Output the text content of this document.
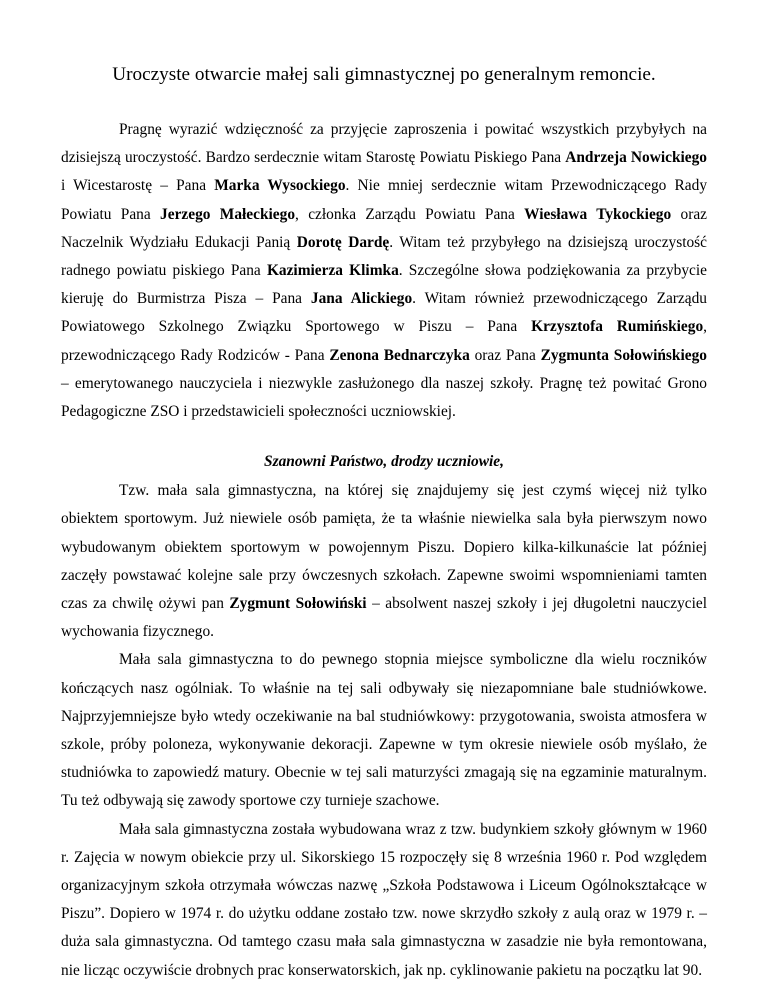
Uroczyste otwarcie małej sali gimnastycznej po generalnym remoncie.

Pragnę wyrazić wdzięczność za przyjęcie zaproszenia i powitać wszystkich przybyłych na dzisiejszą uroczystość. Bardzo serdecznie witam Starostę Powiatu Piskiego Pana Andrzeja Nowickiego i Wicestarostę – Pana Marka Wysockiego. Nie mniej serdecznie witam Przewodniczącego Rady Powiatu Pana Jerzego Małeckiego, członka Zarządu Powiatu Pana Wiesława Tykockiego oraz Naczelnik Wydziału Edukacji Panią Dorotę Dardę. Witam też przybyłego na dzisiejszą uroczystość radnego powiatu piskiego Pana Kazimierza Klimka. Szczególne słowa podziękowania za przybycie kieruję do Burmistrza Pisza – Pana Jana Alickiego. Witam również przewodniczącego Zarządu Powiatowego Szkolnego Związku Sportowego w Piszu – Pana Krzysztofa Rumińskiego, przewodniczącego Rady Rodziców - Pana Zenona Bednarczyka oraz Pana Zygmunta Sołowińskiego – emerytowanego nauczyciela i niezwykle zasłużonego dla naszej szkoły. Pragnę też powitać Grono Pedagogiczne ZSO i przedstawicieli społeczności uczniowskiej.

Szanowni Państwo, drodzy uczniowie,

Tzw. mała sala gimnastyczna, na której się znajdujemy się jest czymś więcej niż tylko obiektem sportowym. Już niewiele osób pamięta, że ta właśnie niewielka sala była pierwszym nowo wybudowanym obiektem sportowym w powojennym Piszu. Dopiero kilka-kilkunaście lat później zaczęły powstawać kolejne sale przy ówczesnych szkołach. Zapewne swoimi wspomnieniami tamten czas za chwilę ożywi pan Zygmunt Sołowiński – absolwent naszej szkoły i jej długoletni nauczyciel wychowania fizycznego.

Mała sala gimnastyczna to do pewnego stopnia miejsce symboliczne dla wielu roczników kończących nasz ogólniak. To właśnie na tej sali odbywały się niezapomniane bale studniówkowe. Najprzyjemniejsze było wtedy oczekiwanie na bal studniówkowy: przygotowania, swoista atmosfera w szkole, próby poloneza, wykonywanie dekoracji. Zapewne w tym okresie niewiele osób myślało, że studniówka to zapowiedź matury. Obecnie w tej sali maturzyści zmagają się na egzaminie maturalnym. Tu też odbywają się zawody sportowe czy turnieje szachowe.

Mała sala gimnastyczna została wybudowana wraz z tzw. budynkiem szkoły głównym w 1960 r. Zajęcia w nowym obiekcie przy ul. Sikorskiego 15 rozpoczęły się 8 września 1960 r. Pod względem organizacyjnym szkoła otrzymała wówczas nazwę „Szkoła Podstawowa i Liceum Ogólnokształcące w Piszu”. Dopiero w 1974 r. do użytku oddane zostało tzw. nowe skrzydło szkoły z aulą oraz w 1979 r. – duża sala gimnastyczna. Od tamtego czasu mała sala gimnastyczna w zasadzie nie była remontowana, nie licząc oczywiście drobnych prac konserwatorskich, jak np. cyklinowanie pakietu na początku lat 90.
